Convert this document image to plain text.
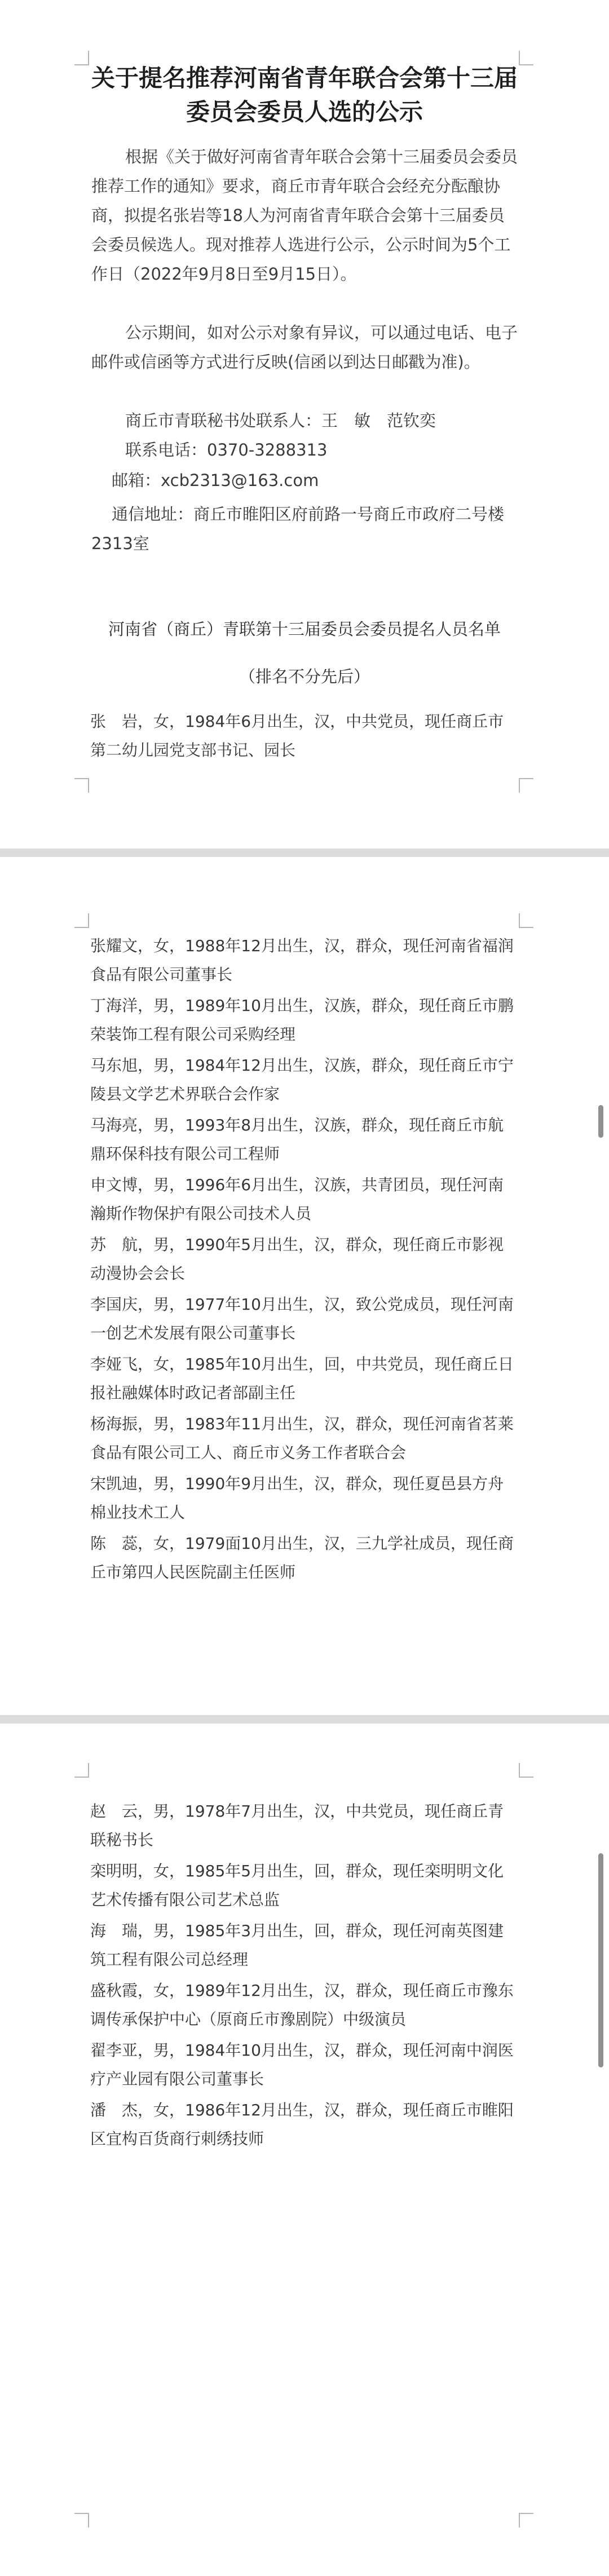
关于提名推荐河南省青年联合会第十三届
委员会委员人选的公示

根据《关于做好河南省青年联合会第十三届委员会委员推荐工作的通知》要求，商丘市青年联合会经充分酝酿协商，拟提名张岩等18人为河南省青年联合会第十三届委员会委员候选人。现对推荐人选进行公示，公示时间为5个工作日（2022年9月8日至9月15日）。

公示期间，如对公示对象有异议，可以通过电话、电子邮件或信函等方式进行反映(信函以到达日邮戳为准)。

商丘市青联秘书处联系人：王　敏　范钦奕

联系电话：0370-3288313

邮箱：xcb2313@163.com

通信地址：商丘市睢阳区府前路一号商丘市政府二号楼2313室

河南省（商丘）青联第十三届委员会委员提名人员名单
（排名不分先后）

张　岩，女，1984年6月出生，汉，中共党员，现任商丘市第二幼儿园党支部书记、园长

张耀文，女，1988年12月出生，汉，群众，现任河南省福润食品有限公司董事长

丁海洋，男，1989年10月出生，汉族，群众，现任商丘市鹏荣装饰工程有限公司采购经理

马东旭，男，1984年12月出生，汉族，群众，现任商丘市宁陵县文学艺术界联合会作家

马海亮，男，1993年8月出生，汉族，群众，现任商丘市航鼎环保科技有限公司工程师

申文博，男，1996年6月出生，汉族，共青团员，现任河南瀚斯作物保护有限公司技术人员

苏　航，男，1990年5月出生，汉，群众，现任商丘市影视动漫协会会长

李国庆，男，1977年10月出生，汉，致公党成员，现任河南一创艺术发展有限公司董事长

李娅飞，女，1985年10月出生，回，中共党员，现任商丘日报社融媒体时政记者部副主任

杨海振，男，1983年11月出生，汉，群众，现任河南省茗莱食品有限公司工人、商丘市义务工作者联合会

宋凯迪，男，1990年9月出生，汉，群众，现任夏邑县方舟棉业技术工人

陈　蕊，女，1979面10月出生，汉，三九学社成员，现任商丘市第四人民医院副主任医师

赵　云，男，1978年7月出生，汉，中共党员，现任商丘青联秘书长

栾明明，女，1985年5月出生，回，群众，现任栾明明文化艺术传播有限公司艺术总监

海　瑞，男，1985年3月出生，回，群众，现任河南英图建筑工程有限公司总经理

盛秋霞，女，1989年12月出生，汉，群众，现任商丘市豫东调传承保护中心（原商丘市豫剧院）中级演员

翟李亚，男，1984年10月出生，汉，群众，现任河南中润医疗产业园有限公司董事长

潘　杰，女，1986年12月出生，汉，群众，现任商丘市睢阳区宜构百货商行刺绣技师
